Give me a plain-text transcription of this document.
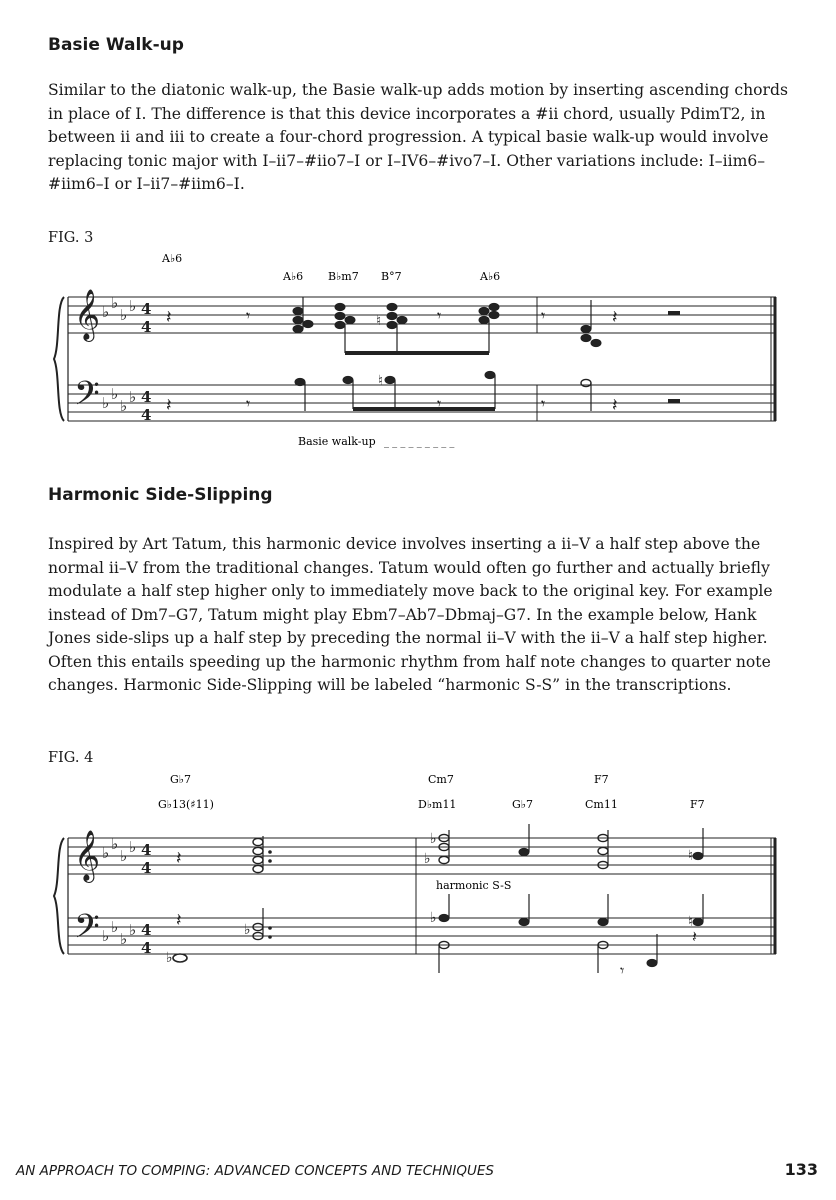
Basie Walk-up

Similar to the diatonic walk-up, the Basie walk-up adds motion by inserting ascending chords in place of I. The difference is that this device incorporates a #ii chord, usually PdimT2, in between ii and iii to create a four-chord progression. A typical basie walk-up would involve replacing tonic major with I–ii7–#iio7–I or I–IV6–#ivo7–I. Other variations include: I–iim6–#iim6–I or I–ii7–#iim6–I.

FIG. 3
A♭6
A♭6 B♭m7 B°7	A♭6
𝄞
𝄢
♭ ♭
♭ ♭
♭ ♭
♭ ♭
4
4
4
4
𝄽
𝄽
𝄾
𝄾
𝄾
𝄾
𝄾
𝄾
𝄽
𝄽
♮
♮
Basie walk-up _ _ _ _ _ _ _ _ _
Harmonic Side-Slipping

Inspired by Art Tatum, this harmonic device involves inserting a ii–V a half step above the normal ii–V from the traditional changes. Tatum would often go further and actually briefly modulate a half step higher only to immediately move back to the original key. For example instead of Dm7–G7, Tatum might play Ebm7–Ab7–Dbmaj–G7. In the example below, Hank Jones side-slips up a half step by preceding the normal ii–V with the ii–V a half step higher. Often this entails speeding up the harmonic rhythm from half note changes to quarter note changes. Harmonic Side-Slipping will be labeled “harmonic S-S” in the transcriptions.

FIG. 4
G♭7	Cm7	F7
G♭13(♯11)	D♭m11	G♭7	Cm11	F7
𝄞
𝄢
♭ ♭
♭ ♭
♭ ♭
♭ ♭
4
4
4
4
𝄽
𝄽
𝄾
♭
♭	♮
harmonic S-S
♭
♭
♭	♮
𝄽
AN APPROACH TO COMPING: ADVANCED CONCEPTS AND TECHNIQUES	133
